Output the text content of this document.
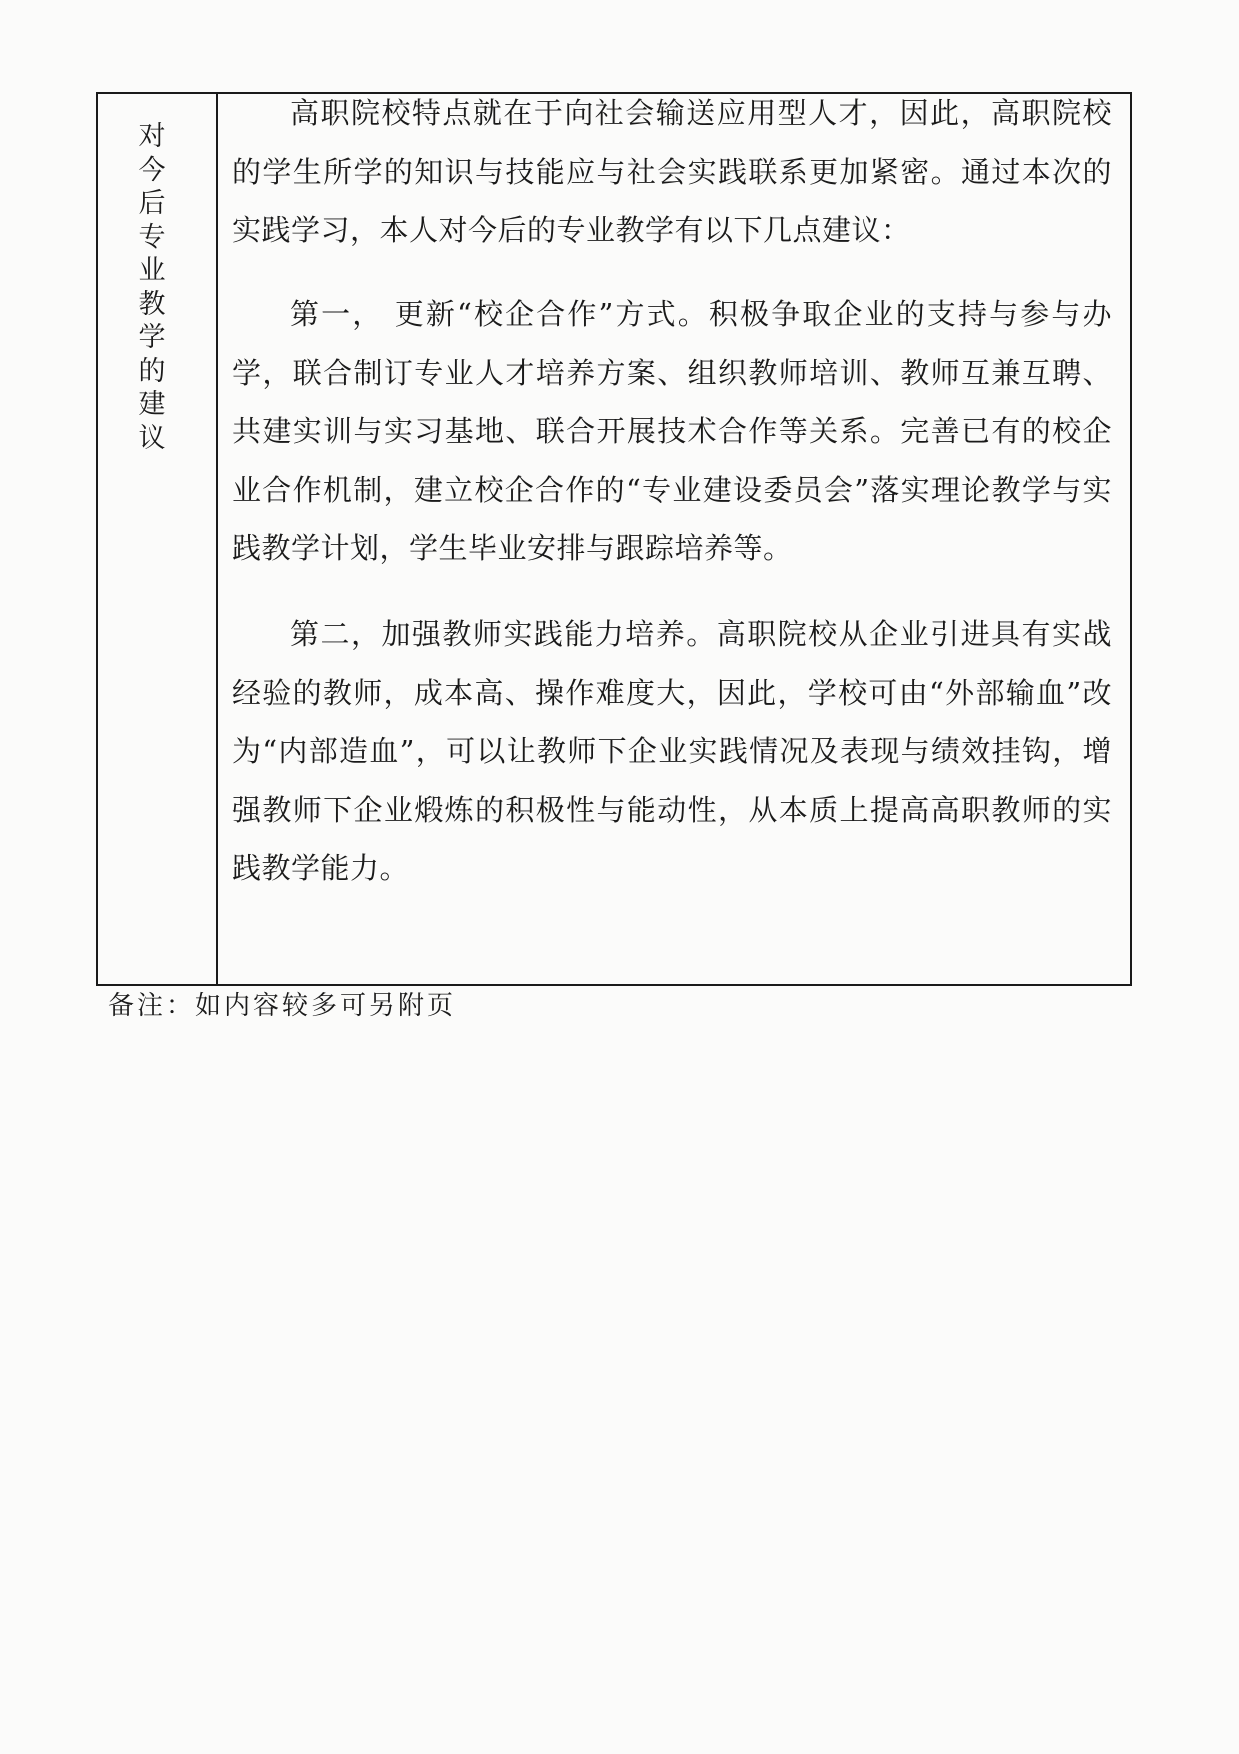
对今后专业教学的建议

高职院校特点就在于向社会输送应用型人才，因此，高职院校的学生所学的知识与技能应与社会实践联系更加紧密。通过本次的实践学习，本人对今后的专业教学有以下几点建议：

第一， 更新“校企合作”方式。积极争取企业的支持与参与办学，联合制订专业人才培养方案、组织教师培训、教师互兼互聘、共建实训与实习基地、联合开展技术合作等关系。完善已有的校企业合作机制，建立校企合作的“专业建设委员会”落实理论教学与实践教学计划，学生毕业安排与跟踪培养等。

第二，加强教师实践能力培养。高职院校从企业引进具有实战经验的教师，成本高、操作难度大，因此，学校可由“外部输血”改为“内部造血”，可以让教师下企业实践情况及表现与绩效挂钩，增强教师下企业煅炼的积极性与能动性，从本质上提高高职教师的实践教学能力。

备注：如内容较多可另附页
